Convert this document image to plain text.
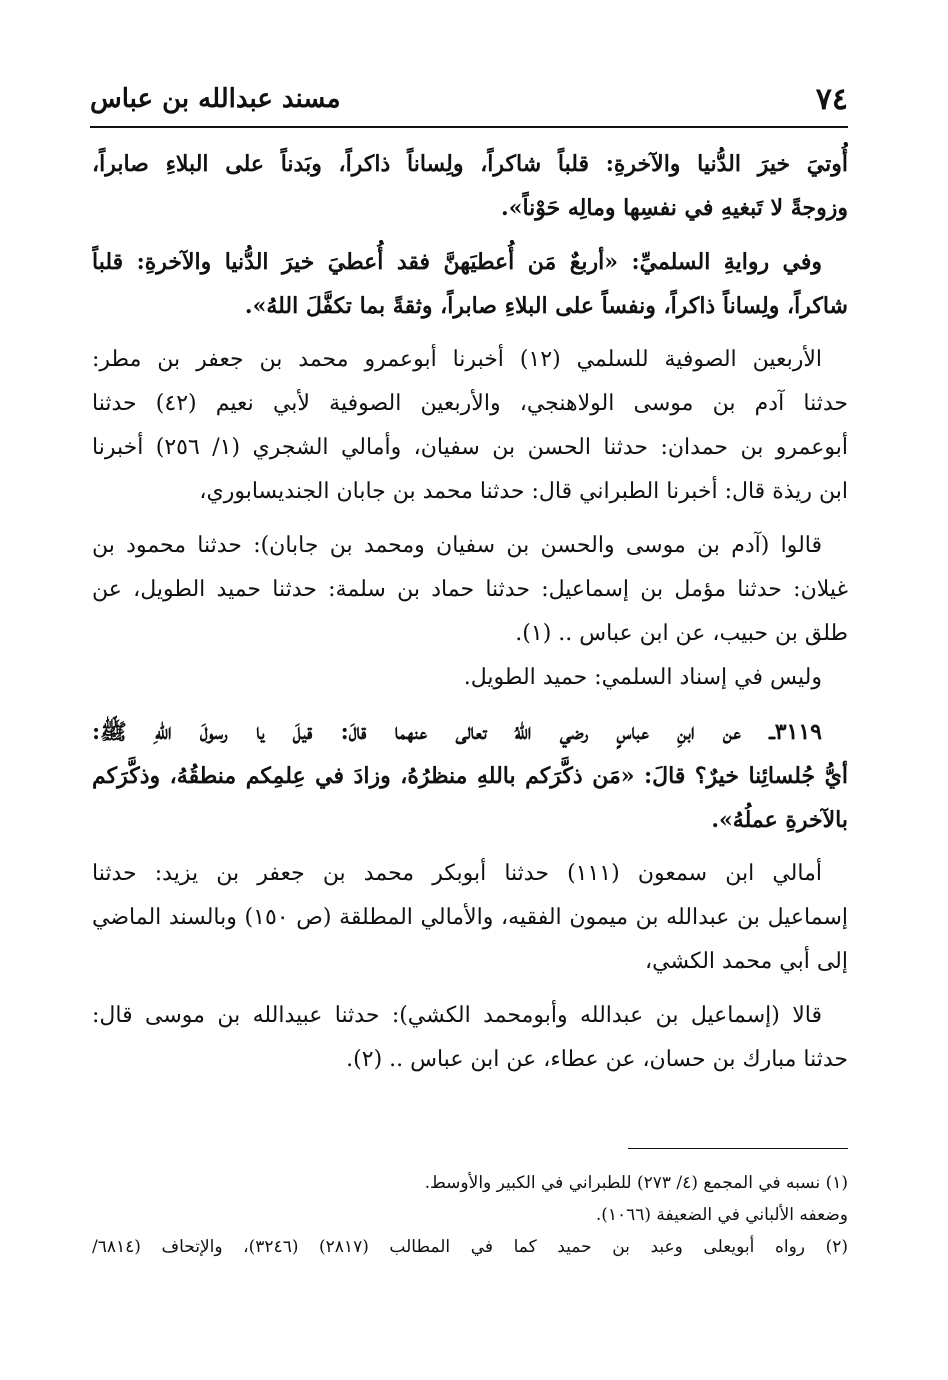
٧٤
مسند عبدالله بن عباس
أُوتيَ خيرَ الدُّنيا والآخرةِ: قلباً شاكراً، ولِساناً ذاكراً، وبَدناً على البلاءِ صابراً،
وزوجةً لا تَبغيهِ في نفسِها ومالِه حَوْناً».
وفي روايةِ السلميِّ: «أربعٌ مَن أُعطيَهنَّ فقد أُعطيَ خيرَ الدُّنيا والآخرةِ: قلباً
شاكراً، ولِساناً ذاكراً، ونفساً على البلاءِ صابراً، وثقةً بما تكفَّلَ اللهُ».
الأربعين الصوفية للسلمي (١٢) أخبرنا أبوعمرو محمد بن جعفر بن مطر:
حدثنا آدم بن موسى الولاهنجي، والأربعين الصوفية لأبي نعيم (٤٢) حدثنا
أبوعمرو بن حمدان: حدثنا الحسن بن سفيان، وأمالي الشجري (١/ ٢٥٦) أخبرنا
ابن ريذة قال: أخبرنا الطبراني قال: حدثنا محمد بن جابان الجنديسابوري،
قالوا (آدم بن موسى والحسن بن سفيان ومحمد بن جابان): حدثنا محمود بن
غيلان: حدثنا مؤمل بن إسماعيل: حدثنا حماد بن سلمة: حدثنا حميد الطويل، عن
طلق بن حبيب، عن ابن عباس .. (١).
وليس في إسناد السلمي: حميد الطويل.
٣١١٩ــ عن ابنِ عباسٍ رضي اللهُ تعالى عنهما قالَ: قيلَ يا رسولَ اللهِ ﷺ:
أيُّ جُلسائِنا خيرٌ؟ قالَ: «مَن ذكَّرَكم باللهِ منظرُهُ، وزادَ في عِلمِكم منطقُهُ، وذكَّرَكم
بالآخرةِ عملُهُ».
أمالي ابن سمعون (١١١) حدثنا أبوبكر محمد بن جعفر بن يزيد: حدثنا
إسماعيل بن عبدالله بن ميمون الفقيه، والأمالي المطلقة (ص ١٥٠) وبالسند الماضي
إلى أبي محمد الكشي،
قالا (إسماعيل بن عبدالله وأبومحمد الكشي): حدثنا عبيدالله بن موسى قال:
حدثنا مبارك بن حسان، عن عطاء، عن ابن عباس .. (٢).
(١) نسبه في المجمع (٤/ ٢٧٣) للطبراني في الكبير والأوسط.
وضعفه الألباني في الضعيفة (١٠٦٦).
(٢) رواه أبويعلى وعبد بن حميد كما في المطالب (٢٨١٧) (٣٢٤٦)، والإتحاف (٦٨١٤/
